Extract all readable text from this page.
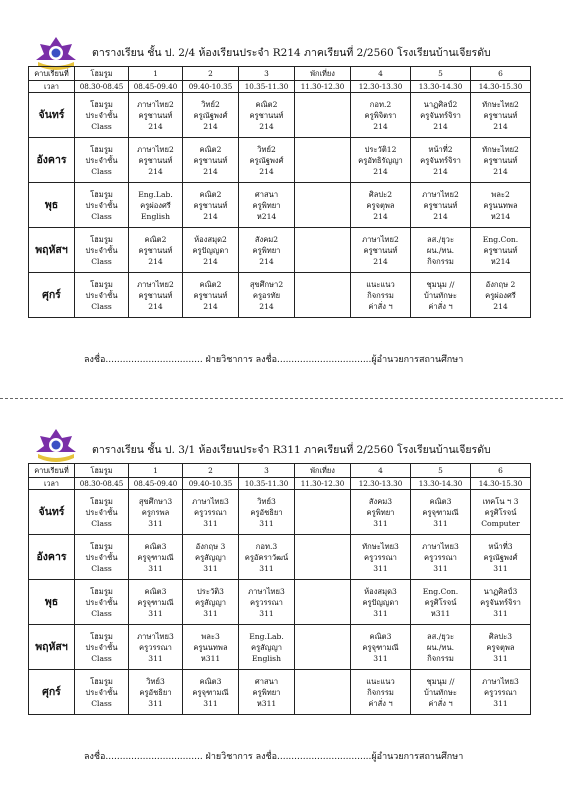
ตารางเรียน ชั้น ป. 2/4 ห้องเรียนประจำ R214 ภาคเรียนที่ 2/2560 โรงเรียนบ้านเจียรดับ
คาบเรียนที่	โฮมรูม	1	2	3	พักเที่ยง	4	5	6
เวลา	08.30-08.45	08.45-09.40	09.40-10.35	10.35-11.30	11.30-12.30	12.30-13.30	13.30-14.30	14.30-15.30
จันทร์	โฮมรูม
ประจำชั้น
Class	ภาษาไทย2
ครูชานนท์
214	วิทย์2
ครูณัฐพงศ์
214	คณิต2
ครูชานนท์
214		กอท.2
ครูพิจิตรา
214	นาฏศิลป์2
ครูจันทร์จิรา
214	ทักษะไทย2
ครูชานนท์
214

อังคาร	โฮมรูม
ประจำชั้น
Class	ภาษาไทย2
ครูชานนท์
214	คณิต2
ครูชานนท์
214	วิทย์2
ครูณัฐพงศ์
214		ประวัติ12
ครูอัทธิรัญญา
214	หน้าที่2
ครูจันทร์จิรา
214	ทักษะไทย2
ครูชานนท์
214

พุธ	โฮมรูม
ประจำชั้น
Class	Eng.Lab.
ครูผ่องศรี
English	คณิต2
ครูชานนท์
214	ศาสนา
ครูพิทยา
ห214		ศิลปะ2
ครูจตุพล
214	ภาษาไทย2
ครูชานนท์
214	พละ2
ครูนนทพล
ห214

พฤหัสฯ	โฮมรูม
ประจำชั้น
Class	คณิต2
ครูชานนท์
214	ห้องสมุด2
ครูปัญญดา
214	สังคม2
ครูพิทยา
214		ภาษาไทย2
ครูชานนท์
214	ลส./ยุวะ
ผน./ทน.
กิจกรรม	Eng.Con.
ครูชานนท์
ห214

ศุกร์	โฮมรูม
ประจำชั้น
Class	ภาษาไทย2
ครูชานนท์
214	คณิต2
ครูชานนท์
214	สุขศึกษา2
ครูอรทัย
214		แนะแนว
กิจกรรม
ค่าสั่ง ฯ	ชุมนุม //
บ้านทักษะ
ค่าสั่ง ฯ	อังกฤษ 2
ครูผ่องศรี
214
ลงชื่อ.................................. ฝ่ายวิชาการ ลงชื่อ.................................ผู้อำนวยการสถานศึกษา
ตารางเรียน ชั้น ป. 3/1 ห้องเรียนประจำ R311 ภาคเรียนที่ 2/2560 โรงเรียนบ้านเจียรดับ
คาบเรียนที่	โฮมรูม	1	2	3	พักเที่ยง	4	5	6
เวลา	08.30-08.45	08.45-09.40	09.40-10.35	10.35-11.30	11.30-12.30	12.30-13.30	13.30-14.30	14.30-15.30
จันทร์	โฮมรูม
ประจำชั้น
Class	สุขศึกษา3
ครูกรพล
311	ภาษาไทย3
ครูวรรณา
311	วิทย์3
ครูอัชธิยา
311		สังคม3
ครูพิทยา
311	คณิต3
ครูจุฑามณี
311	เทคโน ฯ 3
ครูศิโรจน์
Computer

อังคาร	โฮมรูม
ประจำชั้น
Class	คณิต3
ครูจุฑามณี
311	อังกฤษ 3
ครูสัญญา
311	กอท.3
ครูอัคราวัฒน์
311		ทักษะไทย3
ครูวรรณา
311	ภาษาไทย3
ครูวรรณา
311	หน้าที่3
ครูณัฐพงศ์
311

พุธ	โฮมรูม
ประจำชั้น
Class	คณิต3
ครูจุฑามณี
311	ประวัติ3
ครูสัญญา
311	ภาษาไทย3
ครูวรรณา
311		ห้องสมุด3
ครูปัญญดา
311	Eng.Con.
ครูศิโรจน์
ห311	นาฏศิลป์3
ครูจันทร์จิรา
311

พฤหัสฯ	โฮมรูม
ประจำชั้น
Class	ภาษาไทย3
ครูวรรณา
311	พละ3
ครูนนทพล
ห311	Eng.Lab.
ครูสัญญา
English		คณิต3
ครูจุฑามณี
311	ลส./ยุวะ
ผน./ทน.
กิจกรรม	ศิลปะ3
ครูจตุพล
311

ศุกร์	โฮมรูม
ประจำชั้น
Class	วิทย์3
ครูอัชธิยา
311	คณิต3
ครูจุฑามณี
311	ศาสนา
ครูพิทยา
ห311		แนะแนว
กิจกรรม
ค่าสั่ง ฯ	ชุมนุม //
บ้านทักษะ
ค่าสั่ง ฯ	ภาษาไทย3
ครูวรรณา
311
ลงชื่อ.................................. ฝ่ายวิชาการ ลงชื่อ.................................ผู้อำนวยการสถานศึกษา
